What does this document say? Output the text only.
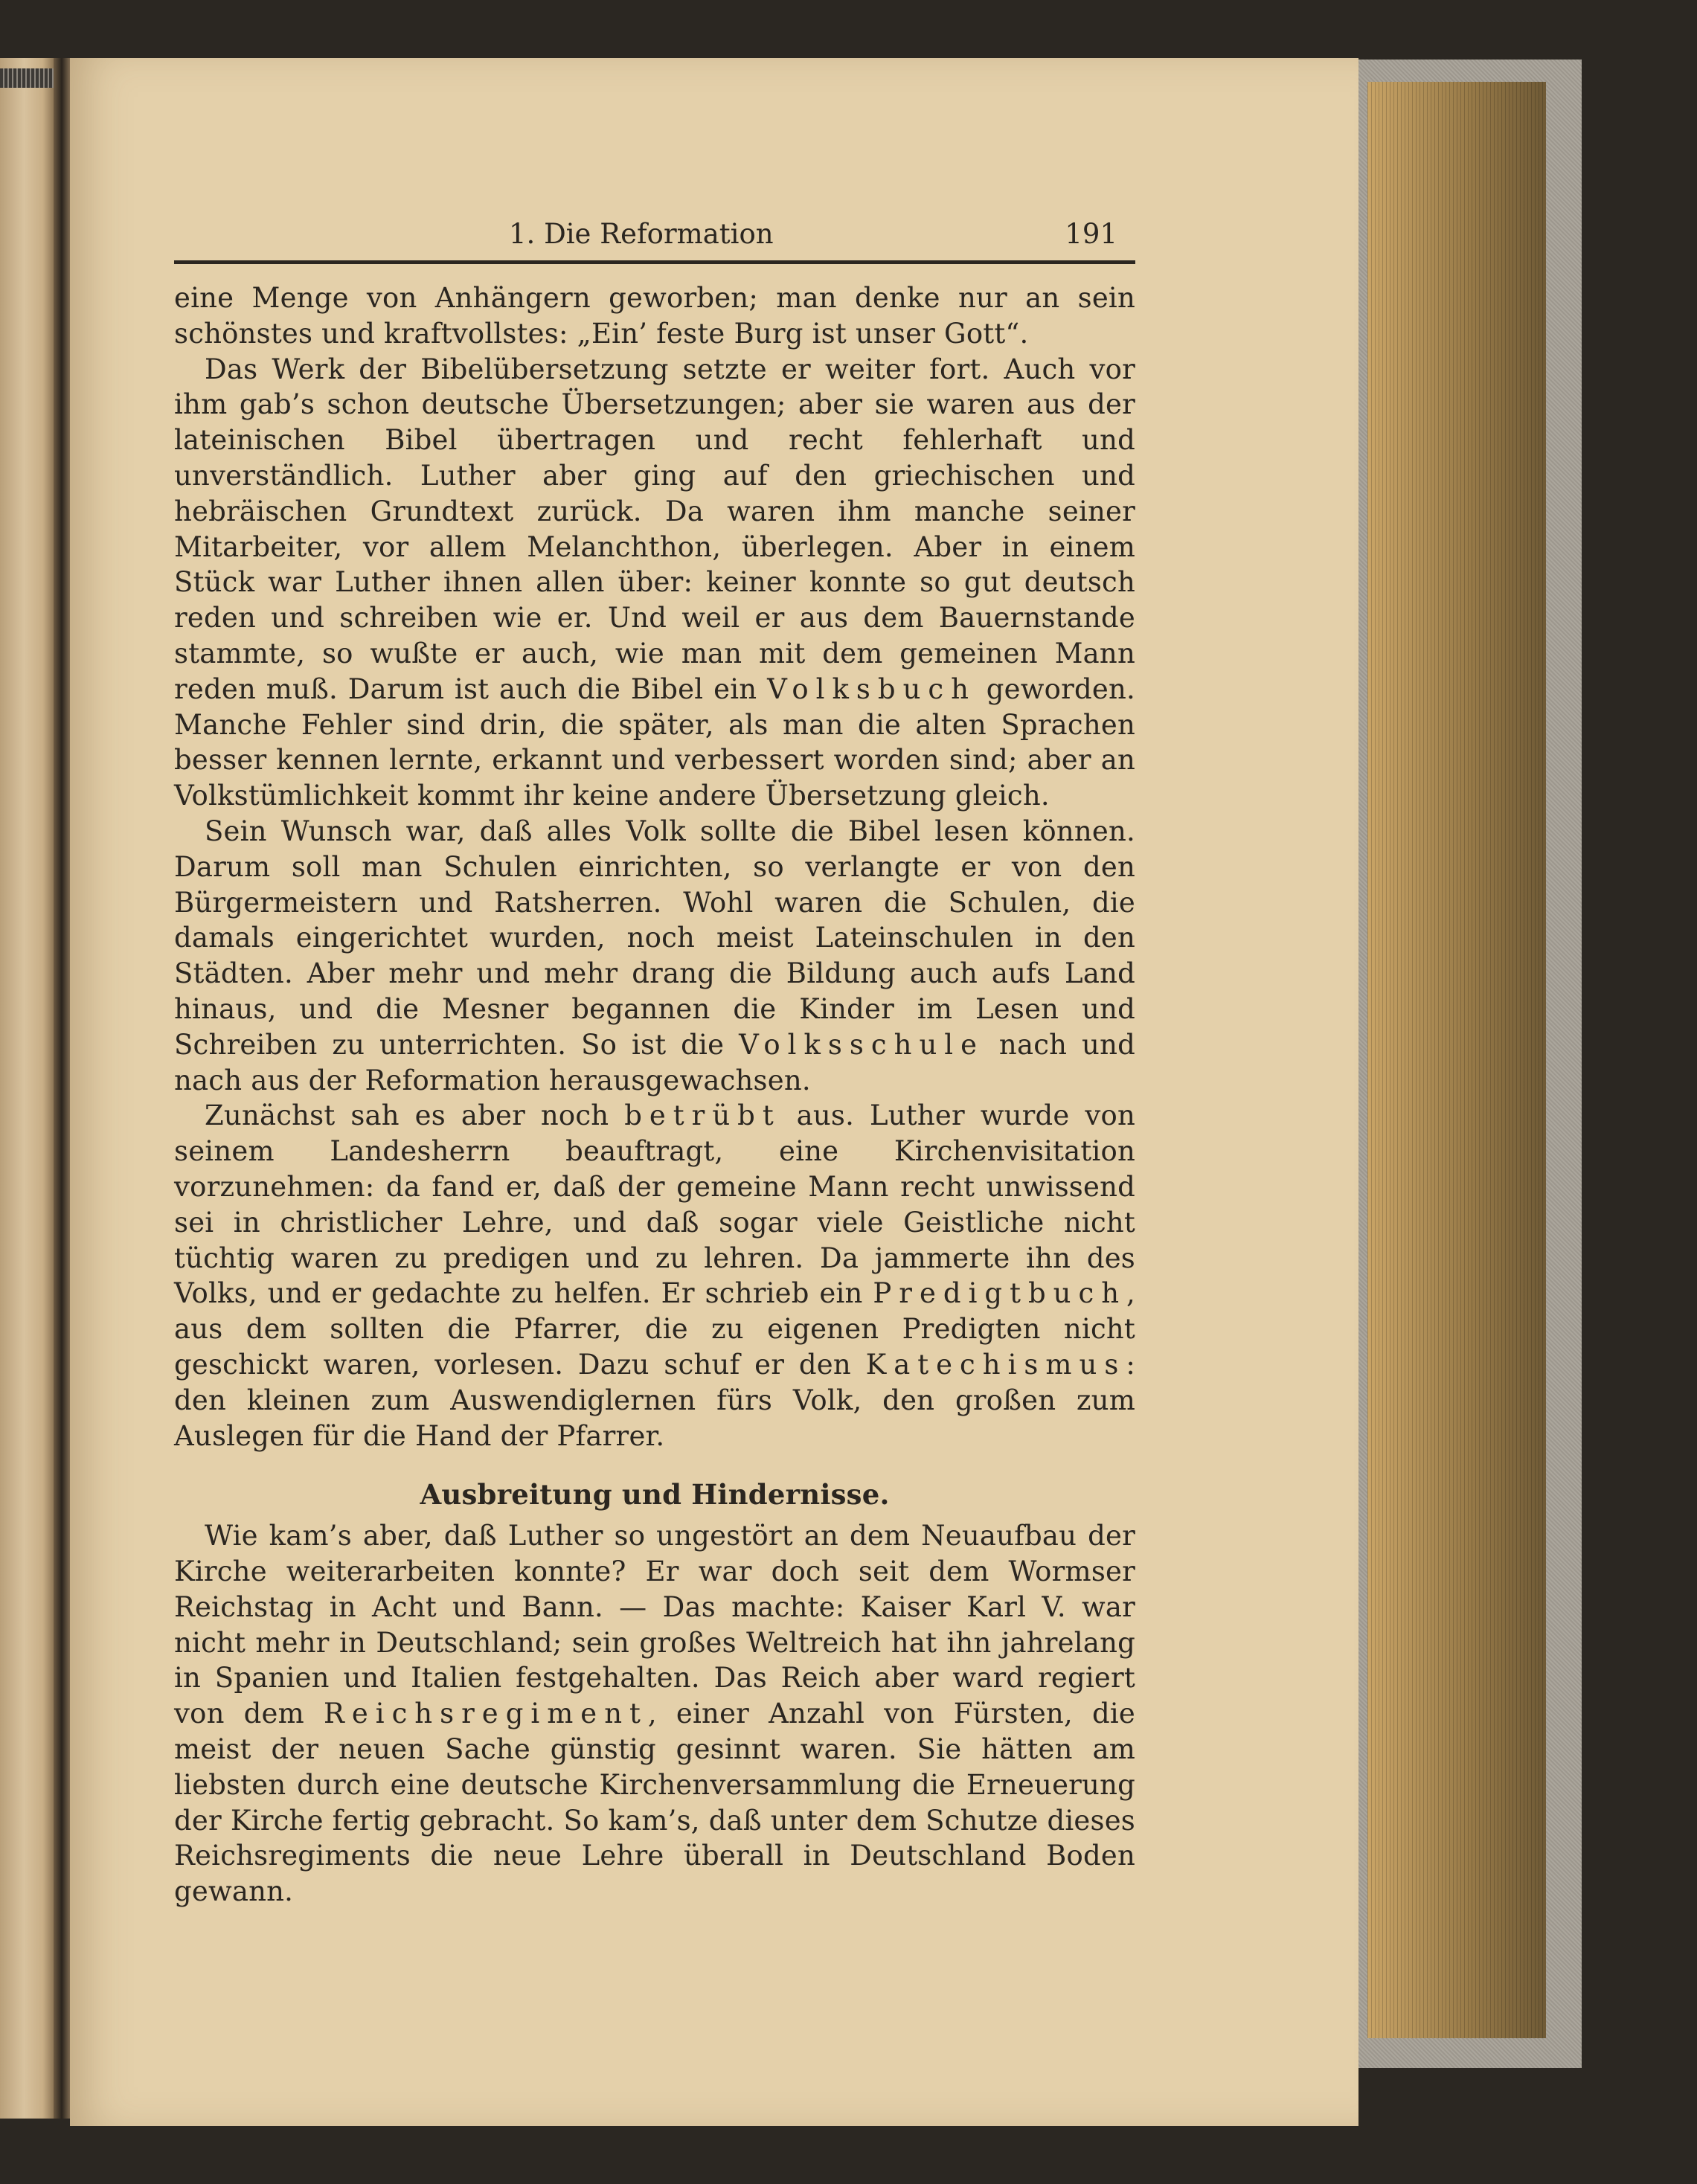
1. Die Reformation	191

eine Menge von Anhängern geworben; man denke nur an sein schönstes und kraftvollstes: „Ein’ feste Burg ist unser Gott“.

Das Werk der Bibelübersetzung setzte er weiter fort. Auch vor ihm gab’s schon deutsche Übersetzungen; aber sie waren aus der lateinischen Bibel übertragen und recht fehlerhaft und unverständlich. Luther aber ging auf den griechischen und hebräischen Grundtext zurück. Da waren ihm manche seiner Mitarbeiter, vor allem Melanchthon, überlegen. Aber in einem Stück war Luther ihnen allen über: keiner konnte so gut deutsch reden und schreiben wie er. Und weil er aus dem Bauernstande stammte, so wußte er auch, wie man mit dem gemeinen Mann reden muß. Darum ist auch die Bibel ein Volksbuch geworden. Manche Fehler sind drin, die später, als man die alten Sprachen besser kennen lernte, erkannt und verbessert worden sind; aber an Volkstümlichkeit kommt ihr keine andere Übersetzung gleich.

Sein Wunsch war, daß alles Volk sollte die Bibel lesen können. Darum soll man Schulen einrichten, so verlangte er von den Bürgermeistern und Ratsherren. Wohl waren die Schulen, die damals eingerichtet wurden, noch meist Lateinschulen in den Städten. Aber mehr und mehr drang die Bildung auch aufs Land hinaus, und die Mesner begannen die Kinder im Lesen und Schreiben zu unterrichten. So ist die Volksschule nach und nach aus der Reformation herausgewachsen.

Zunächst sah es aber noch betrübt aus. Luther wurde von seinem Landesherrn beauftragt, eine Kirchenvisitation vorzunehmen: da fand er, daß der gemeine Mann recht unwissend sei in christlicher Lehre, und daß sogar viele Geistliche nicht tüchtig waren zu predigen und zu lehren. Da jammerte ihn des Volks, und er gedachte zu helfen. Er schrieb ein Predigtbuch, aus dem sollten die Pfarrer, die zu eigenen Predigten nicht geschickt waren, vorlesen. Dazu schuf er den Katechismus: den kleinen zum Auswendiglernen fürs Volk, den großen zum Auslegen für die Hand der Pfarrer.

Ausbreitung und Hindernisse.

Wie kam’s aber, daß Luther so ungestört an dem Neuaufbau der Kirche weiterarbeiten konnte? Er war doch seit dem Wormser Reichstag in Acht und Bann. — Das machte: Kaiser Karl V. war nicht mehr in Deutschland; sein großes Weltreich hat ihn jahrelang in Spanien und Italien festgehalten. Das Reich aber ward regiert von dem Reichsregiment, einer Anzahl von Fürsten, die meist der neuen Sache günstig gesinnt waren. Sie hätten am liebsten durch eine deutsche Kirchenversammlung die Erneuerung der Kirche fertig gebracht. So kam’s, daß unter dem Schutze dieses Reichsregiments die neue Lehre überall in Deutschland Boden gewann.
